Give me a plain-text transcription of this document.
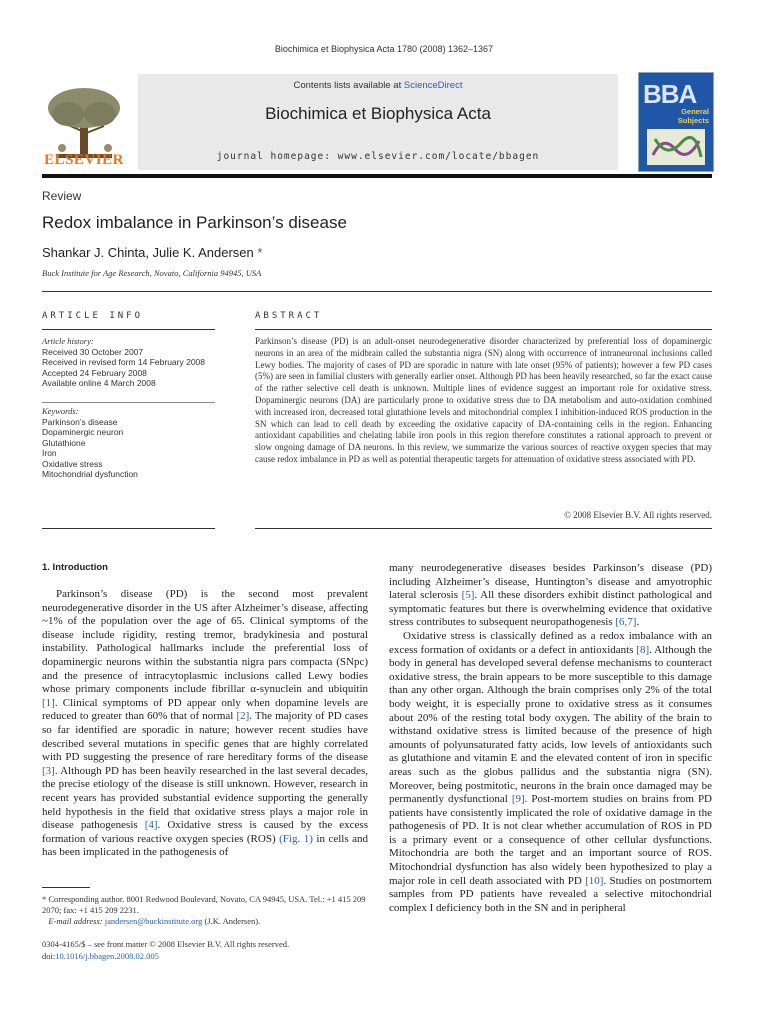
Biochimica et Biophysica Acta 1780 (2008) 1362–1367
ELSEVIER
Contents lists available at ScienceDirect
Biochimica et Biophysica Acta
journal homepage: www.elsevier.com/locate/bbagen
BBA
General
Subjects
Review
Redox imbalance in Parkinson’s disease
Shankar J. Chinta, Julie K. Andersen *
Buck Institute for Age Research, Novato, California 94945, USA
ARTICLE INFO
Article history:
Received 30 October 2007
Received in revised form 14 February 2008
Accepted 24 February 2008
Available online 4 March 2008
Keywords:
Parkinson’s disease
Dopaminergic neuron
Glutathione
Iron
Oxidative stress
Mitochondrial dysfunction
ABSTRACT
Parkinson’s disease (PD) is an adult-onset neurodegenerative disorder characterized by preferential loss of dopaminergic neurons in an area of the midbrain called the substantia nigra (SN) along with occurrence of intraneuronal inclusions called Lewy bodies. The majority of cases of PD are sporadic in nature with late onset (95% of patients); however a few PD cases (5%) are seen in familial clusters with generally earlier onset. Although PD has been heavily researched, so far the exact cause of the rather selective cell death is unknown. Multiple lines of evidence suggest an important role for oxidative stress. Dopaminergic neurons (DA) are particularly prone to oxidative stress due to DA metabolism and auto-oxidation combined with increased iron, decreased total glutathione levels and mitochondrial complex I inhibition-induced ROS production in the SN which can lead to cell death by exceeding the oxidative capacity of DA-containing cells in the region. Enhancing antioxidant capabilities and chelating labile iron pools in this region therefore constitutes a rational approach to prevent or slow ongoing damage of DA neurons. In this review, we summarize the various sources of reactive oxygen species that may cause redox imbalance in PD as well as potential therapeutic targets for attenuation of oxidative stress associated with PD.
© 2008 Elsevier B.V. All rights reserved.
1. Introduction

Parkinson’s disease (PD) is the second most prevalent neurodegenerative disorder in the US after Alzheimer’s disease, affecting ~1% of the population over the age of 65. Clinical symptoms of the disease include rigidity, resting tremor, bradykinesia and postural instability. Pathological hallmarks include the preferential loss of dopaminergic neurons within the substantia nigra pars compacta (SNpc) and the presence of intracytoplasmic inclusions called Lewy bodies whose primary components include fibrillar α-synuclein and ubiquitin [1]. Clinical symptoms of PD appear only when dopamine levels are reduced to greater than 60% that of normal [2]. The majority of PD cases so far identified are sporadic in nature; however recent studies have described several mutations in specific genes that are highly correlated with PD suggesting the presence of rare hereditary forms of the disease [3]. Although PD has been heavily researched in the last several decades, the precise etiology of the disease is still unknown. However, research in recent years has provided substantial evidence supporting the generally held hypothesis in the field that oxidative stress plays a major role in disease pathogenesis [4]. Oxidative stress is caused by the excess formation of various reactive oxygen species (ROS) (Fig. 1) in cells and has been implicated in the pathogenesis of

many neurodegenerative diseases besides Parkinson’s disease (PD) including Alzheimer’s disease, Huntington’s disease and amyotrophic lateral sclerosis [5]. All these disorders exhibit distinct pathological and symptomatic features but there is overwhelming evidence that oxidative stress contributes to subsequent neuropathogenesis [6,7].

Oxidative stress is classically defined as a redox imbalance with an excess formation of oxidants or a defect in antioxidants [8]. Although the body in general has developed several defense mechanisms to counteract oxidative stress, the brain appears to be more susceptible to this damage than any other organ. Although the brain comprises only 2% of the total body weight, it is especially prone to oxidative stress as it consumes about 20% of the resting total body oxygen. The ability of the brain to withstand oxidative stress is limited because of the presence of high amounts of polyunsaturated fatty acids, low levels of antioxidants such as glutathione and vitamin E and the elevated content of iron in specific areas such as the globus pallidus and the substantia nigra (SN). Moreover, being postmitotic, neurons in the brain once damaged may be permanently dysfunctional [9]. Post-mortem studies on brains from PD patients have consistently implicated the role of oxidative damage in the pathogenesis of PD. It is not clear whether accumulation of ROS in PD is a primary event or a consequence of other cellular dysfunctions. Mitochondria are both the target and an important source of ROS. Mitochondrial dysfunction has also widely been hypothesized to play a major role in cell death associated with PD [10]. Studies on postmortem samples from PD patients have revealed a selective mitochondrial complex I deficiency both in the SN and in peripheral

* Corresponding author. 8001 Redwood Boulevard, Novato, CA 94945, USA. Tel.: +1 415 209 2070; fax: +1 415 209 2231.
E-mail address: jandersen@buckinstitute.org (J.K. Andersen).
0304-4165/$ – see front matter © 2008 Elsevier B.V. All rights reserved.
doi:10.1016/j.bbagen.2008.02.005
